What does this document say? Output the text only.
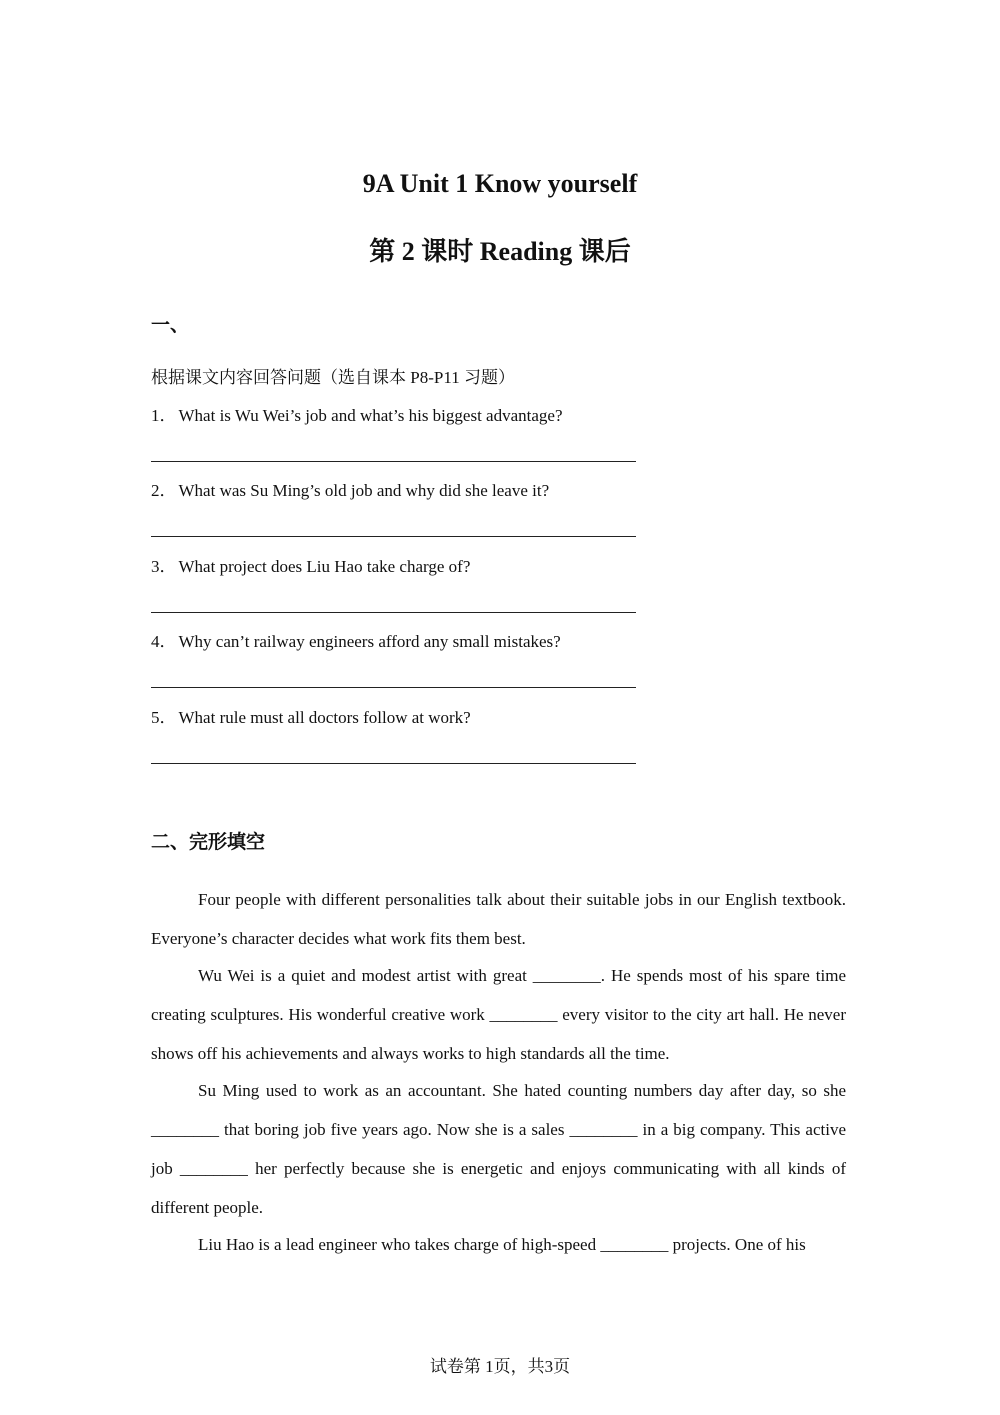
9A Unit 1 Know yourself
第 2 课时 Reading 课后
一、

根据课文内容回答问题（选自课本 P8-P11 习题）

1． What is Wu Wei’s job and what’s his biggest advantage?
2． What was Su Ming’s old job and why did she leave it?
3． What project does Liu Hao take charge of?
4． Why can’t railway engineers afford any small mistakes?
5． What rule must all doctors follow at work?
二、完形填空

Four people with different personalities talk about their suitable jobs in our English textbook. Everyone’s character decides what work fits them best.

Wu Wei is a quiet and modest artist with great ________. He spends most of his spare time creating sculptures. His wonderful creative work ________ every visitor to the city art hall. He never shows off his achievements and always works to high standards all the time.

Su Ming used to work as an accountant. She hated counting numbers day after day, so she ________ that boring job five years ago. Now she is a sales ________ in a big company. This active job ________ her perfectly because she is energetic and enjoys communicating with all kinds of different people.

Liu Hao is a lead engineer who takes charge of high-speed ________ projects. One of his

试卷第 1页，共3页
